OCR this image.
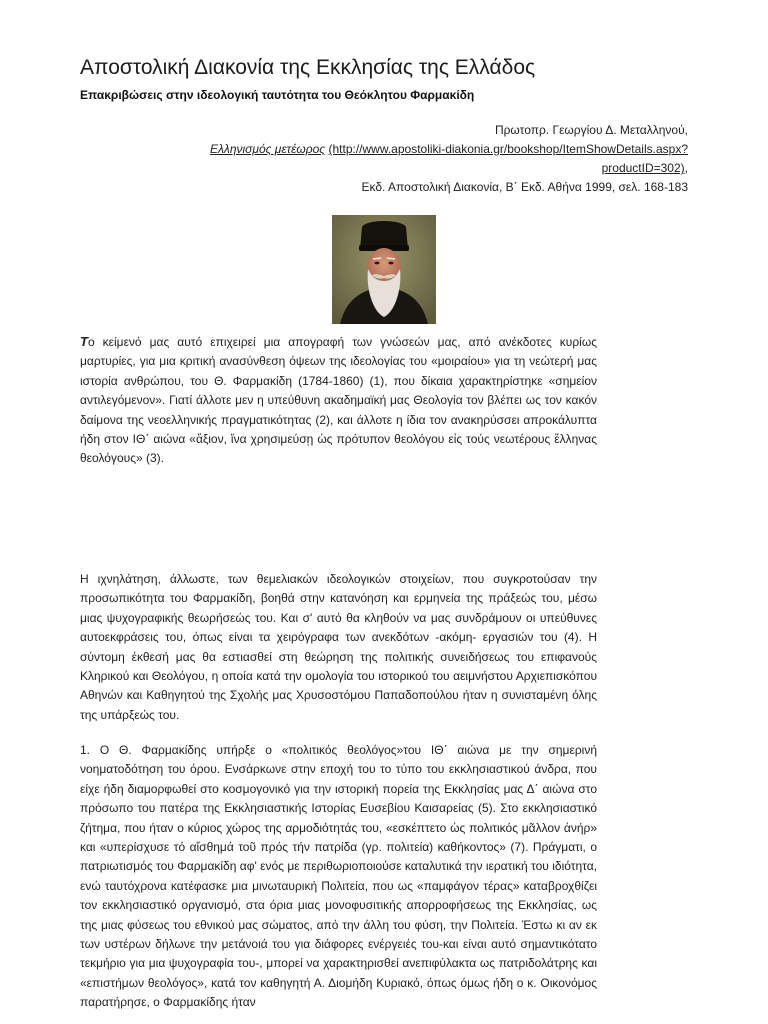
Αποστολική Διακονία της Εκκλησίας της Ελλάδος
Επακριβώσεις στην ιδεολογική ταυτότητα του Θεόκλητου Φαρμακίδη
Πρωτοπρ. Γεωργίου Δ. Μεταλληνού,
Ελληνισμός μετέωρος (http://www.apostoliki-diakonia.gr/bookshop/ItemShowDetails.aspx?productID=302),
Εκδ. Αποστολική Διακονία, Β΄ Εκδ. Αθήνα 1999, σελ. 168-183
Το κείμενό μας αυτό επιχειρεί μια απογραφή των γνώσεών μας, από ανέκδοτες κυρίως μαρτυρίες, για μια κριτική ανασύνθεση όψεων της ιδεολογίας του «μοιραίου» για τη νεώτερή μας ιστορία ανθρώπου, του Θ. Φαρμακίδη (1784-1860) (1), που δίκαια χαρακτηρίστηκε «σημείον αντιλεγόμενον». Γιατί άλλοτε μεν η υπεύθυνη ακαδημαϊκή μας Θεολογία τον βλέπει ως τον κακόν δαίμονα της νεοελληνικής πραγματικότητας (2), και άλλοτε η ίδια τον ανακηρύσσει απροκάλυπτα ήδη στον ΙΘ΄ αιώνα «ἄξιον, ἵνα χρησιμεύσῃ ὡς πρότυπον θεολόγου εἰς τούς νεωτέρους ἕλληνας θεολόγους» (3).
Η ιχνηλάτηση, άλλωστε, των θεμελιακών ιδεολογικών στοιχείων, που συγκροτούσαν την προσωπικότητα του Φαρμακίδη, βοηθά στην κατανόηση και ερμηνεία της πράξεώς του, μέσω μιας ψυχογραφικής θεωρήσεώς του. Και σ' αυτό θα κληθούν να μας συνδράμουν οι υπεύθυνες αυτοεκφράσεις του, όπως είναι τα χειρόγραφα των ανεκδότων -ακόμη- εργασιών του (4). Η σύντομη έκθεσή μας θα εστιασθεί στη θεώρηση της πολιτικής συνειδήσεως του επιφανούς Κληρικού και Θεολόγου, η οποία κατά την ομολογία του ιστορικού του αειμνήστου Αρχιεπισκόπου Αθηνών και Καθηγητού της Σχολής μας Χρυσοστόμου Παπαδοπούλου ήταν η συνισταμένη όλης της υπάρξεώς του.
1. Ο Θ. Φαρμακίδης υπήρξε ο «πολιτικός θεολόγος»του ΙΘ΄ αιώνα με την σημερινή νοηματοδότηση του όρου. Ενσάρκωνε στην εποχή του το τύπο του εκκλησιαστικού άνδρα, που είχε ήδη διαμορφωθεί στο κοσμογονικό για την ιστορική πορεία της Εκκλησίας μας Δ΄ αιώνα στο πρόσωπο του πατέρα της Εκκλησιαστικής Ιστορίας Ευσεβίου Καισαρείας (5). Στο εκκλησιαστικό ζήτημα, που ήταν ο κύριος χώρος της αρμοδιότητάς του, «εσκέπτετο ὡς πολιτικός μᾶλλον ἀνήρ» και «υπερίσχυσε τό αἴσθημά τοῦ πρός τήν πατρίδα (γρ. πολιτεία) καθήκοντος» (7). Πράγματι, ο πατριωτισμός του Φαρμακίδη αφ' ενός με περιθωριοποιούσε καταλυτικά την ιερατική του ιδιότητα, ενώ ταυτόχρονα κατέφασκε μια μινωταυρική Πολιτεία, που ως «παμφάγον τέρας» καταβροχθίζει τον εκκλησιαστικό οργανισμό, στα όρια μιας μονοφυσιτικής απορροφήσεως της Εκκλησίας, ως της μιας φύσεως του εθνικού μας σώματος, από την άλλη του φύση, την Πολιτεία. Έστω κι αν εκ των υστέρων δήλωνε την μετάνοιά του για διάφορες ενέργειές του-και είναι αυτό σημαντικότατο τεκμήριο για μια ψυχογραφία του-, μπορεί να χαρακτηρισθεί ανεπιφύλακτα ως πατριδολάτρης και «επιστήμων θεολόγος», κατά τον καθηγητή Α. Διομήδη Κυριακό, όπως όμως ήδη ο κ. Οικονόμος παρατήρησε, ο Φαρμακίδης ήταν
